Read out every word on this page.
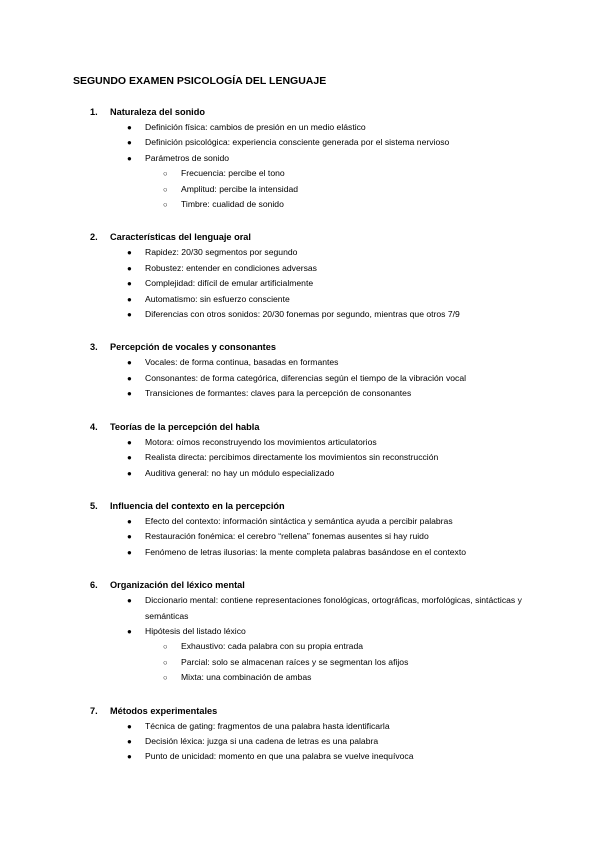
SEGUNDO EXAMEN PSICOLOGÍA DEL LENGUAJE
1. Naturaleza del sonido
● Definición física: cambios de presión en un medio elástico
● Definición psicológica: experiencia consciente generada por el sistema nervioso
● Parámetros de sonido
○ Frecuencia: percibe el tono
○ Amplitud: percibe la intensidad
○ Timbre: cualidad de sonido
2. Características del lenguaje oral
● Rapidez: 20/30 segmentos por segundo
● Robustez: entender en condiciones adversas
● Complejidad: difícil de emular artificialmente
● Automatismo: sin esfuerzo consciente
● Diferencias con otros sonidos: 20/30 fonemas por segundo, mientras que otros 7/9
3. Percepción de vocales y consonantes
● Vocales: de forma continua, basadas en formantes
● Consonantes: de forma categórica, diferencias según el tiempo de la vibración vocal
● Transiciones de formantes: claves para la percepción de consonantes
4. Teorías de la percepción del habla
● Motora: oímos reconstruyendo los movimientos articulatorios
● Realista directa: percibimos directamente los movimientos sin reconstrucción
● Auditiva general: no hay un módulo especializado
5. Influencia del contexto en la percepción
● Efecto del contexto: información sintáctica y semántica ayuda a percibir palabras
● Restauración fonémica: el cerebro “rellena” fonemas ausentes si hay ruido
● Fenómeno de letras ilusorias: la mente completa palabras basándose en el contexto
6. Organización del léxico mental
● Diccionario mental: contiene representaciones fonológicas, ortográficas, morfológicas, sintácticas y semánticas
● Hipótesis del listado léxico
○ Exhaustivo: cada palabra con su propia entrada
○ Parcial: solo se almacenan raíces y se segmentan los afijos
○ Mixta: una combinación de ambas
7. Métodos experimentales
● Técnica de gating: fragmentos de una palabra hasta identificarla
● Decisión léxica: juzga si una cadena de letras es una palabra
● Punto de unicidad: momento en que una palabra se vuelve inequívoca
